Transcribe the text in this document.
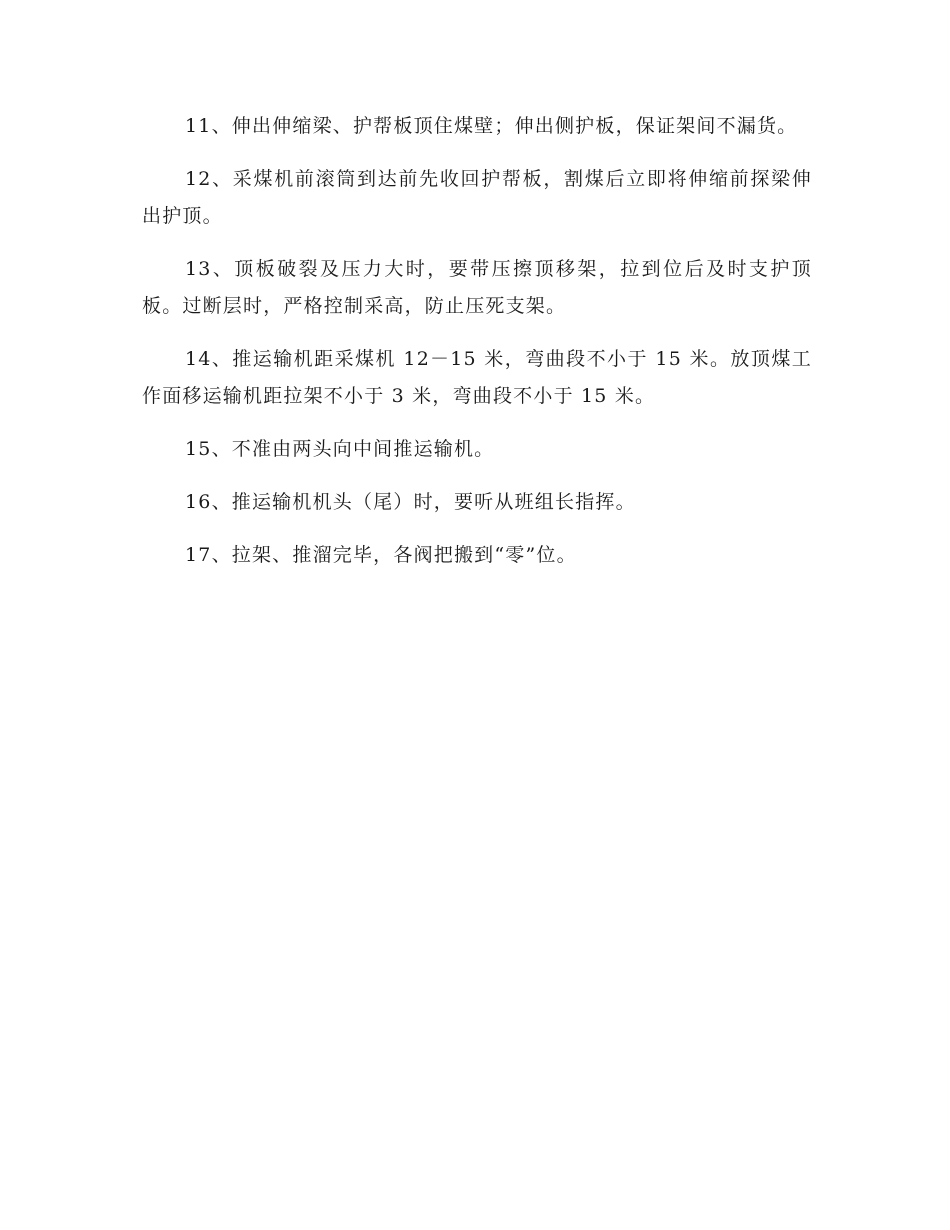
11、伸出伸缩梁、护帮板顶住煤壁；伸出侧护板，保证架间不漏货。

12、采煤机前滚筒到达前先收回护帮板，割煤后立即将伸缩前探梁伸出护顶。

13、顶板破裂及压力大时，要带压擦顶移架，拉到位后及时支护顶板。过断层时，严格控制采高，防止压死支架。

14、推运输机距采煤机 12－15 米，弯曲段不小于 15 米。放顶煤工作面移运输机距拉架不小于 3 米，弯曲段不小于 15 米。

15、不准由两头向中间推运输机。

16、推运输机机头（尾）时，要听从班组长指挥。

17、拉架、推溜完毕，各阀把搬到“零”位。
